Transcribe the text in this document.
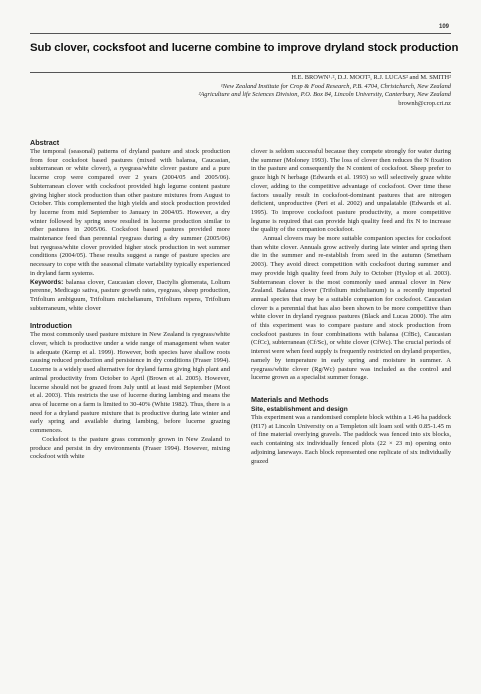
109
Sub clover, cocksfoot and lucerne combine to improve dryland stock production
H.E. BROWN¹˒², D.J. MOOT², R.J. LUCAS² and M. SMITH²
¹New Zealand Institute for Crop & Food Research, P.B. 4704, Christchurch, New Zealand
²Agriculture and life Sciences Division, P.O. Box 84, Lincoln University, Canterbury, New Zealand
brownh@crop.cri.nz

Abstract

The temporal (seasonal) patterns of dryland pasture and stock production from four cocksfoot based pastures (mixed with balansa, Caucasian, subterranean or white clover), a ryegrass/white clover pasture and a pure lucerne crop were compared over 2 years (2004/05 and 2005/06). Subterranean clover with cocksfoot provided high legume content pasture giving higher stock production than other pasture mixtures from August to October. This complemented the high yields and stock production provided by lucerne from mid September to January in 2004/05. However, a dry winter followed by spring snow resulted in lucerne production similar to other pastures in 2005/06. Cocksfoot based pastures provided more maintenance feed than perennial ryegrass during a dry summer (2005/06) but ryegrass/white clover provided higher stock production in wet summer conditions (2004/05). These results suggest a range of pasture species are necessary to cope with the seasonal climate variability typically experienced in dryland farm systems.

Keywords: balansa clover, Caucasian clover, Dactylis glomerata, Lolium perenne, Medicago sativa, pasture growth rates, ryegrass, sheep production, Trifolium ambiguum, Trifolium michelianum, Trifolium repens, Trifolium subterraneum, white clover

Introduction

The most commonly used pasture mixture in New Zealand is ryegrass/white clover, which is productive under a wide range of management when water is adequate (Kemp et al. 1999). However, both species have shallow roots causing reduced production and persistence in dry conditions (Fraser 1994). Lucerne is a widely used alternative for dryland farms giving high plant and animal productivity from October to April (Brown et al. 2005). However, lucerne should not be grazed from July until at least mid September (Moot et al. 2003). This restricts the use of lucerne during lambing and means the area of lucerne on a farm is limited to 30-40% (White 1982). Thus, there is a need for a dryland pasture mixture that is productive during late winter and early spring and available during lambing, before lucerne grazing commences.

Cocksfoot is the pasture grass commonly grown in New Zealand to produce and persist in dry environments (Fraser 1994). However, mixing cocksfoot with white

clover is seldom successful because they compete strongly for water during the summer (Moloney 1993). The loss of clover then reduces the N fixation in the pasture and consequently the N content of cocksfoot. Sheep prefer to graze high N herbage (Edwards et al. 1993) so will selectively graze white clover, adding to the competitive advantage of cocksfoot. Over time these factors usually result in cocksfoot-dominant pastures that are nitrogen deficient, unproductive (Peri et al. 2002) and unpalatable (Edwards et al. 1995). To improve cocksfoot pasture productivity, a more competitive legume is required that can provide high quality feed and fix N to increase the quality of the companion cocksfoot.

Annual clovers may be more suitable companion species for cocksfoot than white clover. Annuals grow actively during late winter and spring then die in the summer and re-establish from seed in the autumn (Smetham 2003). They avoid direct competition with cocksfoot during summer and may provide high quality feed from July to October (Hyslop et al. 2003). Subterranean clover is the most commonly used annual clover in New Zealand. Balansa clover (Trifolium michelianum) is a recently imported annual species that may be a suitable companion for cocksfoot. Caucasian clover is a perennial that has also been shown to be more competitive than white clover in dryland ryegrass pastures (Black and Lucas 2000). The aim of this experiment was to compare pasture and stock production from cocksfoot pastures in four combinations with balansa (CfBc), Caucasian (CfCc), subterranean (Cf/Sc), or white clover (CfWc). The crucial periods of interest were when feed supply is frequently restricted on dryland properties, namely by temperature in early spring and moisture in summer. A ryegrass/white clover (Rg/Wc) pasture was included as the control and lucerne grown as a specialist summer forage.

Materials and Methods

Site, establishment and design

This experiment was a randomised complete block within a 1.46 ha paddock (H17) at Lincoln University on a Templeton silt loam soil with 0.85-1.45 m of fine material overlying gravels. The paddock was fenced into six blocks, each containing six individually fenced plots (22 × 23 m) opening onto adjoining laneways. Each block represented one replicate of six individually grazed
